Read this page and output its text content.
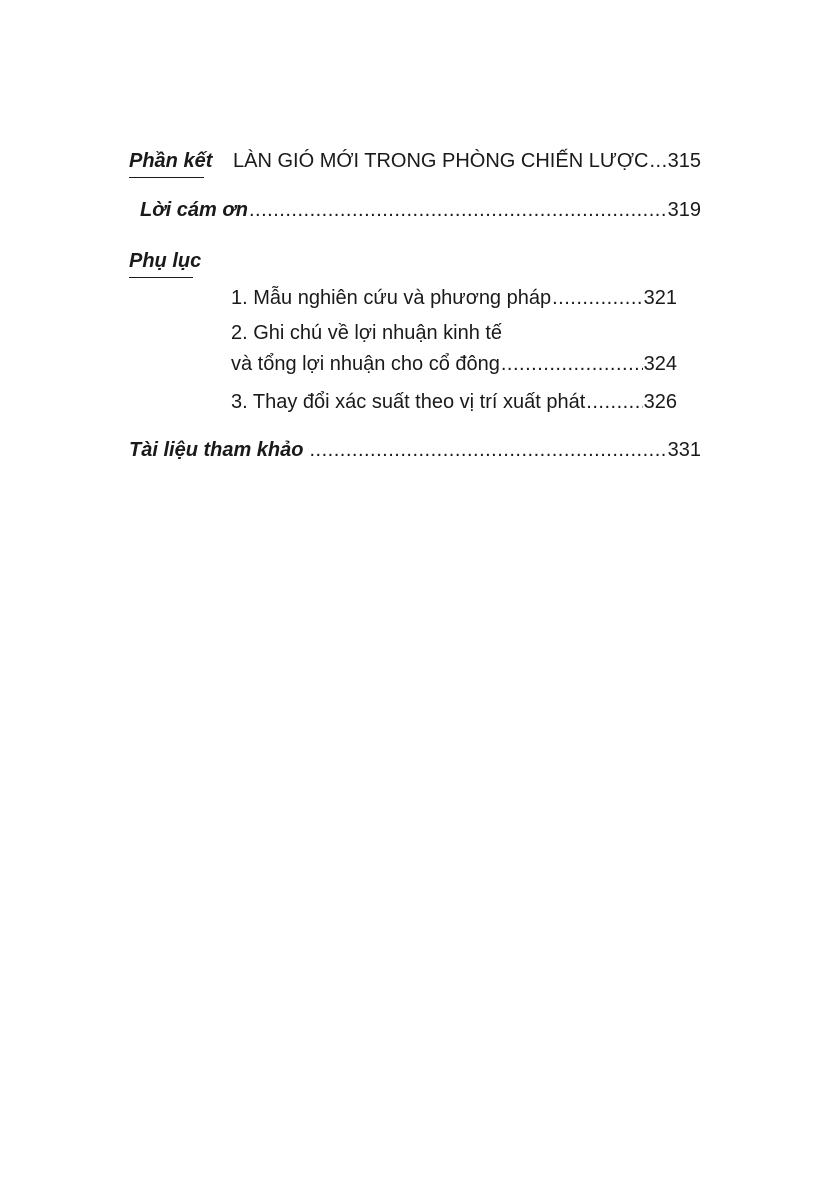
Phần kết LÀN GIÓ MỚI TRONG PHÒNG CHIẾN LƯỢC ..... 315
Lời cám ơn .....	319
Phụ lục
1. Mẫu nghiên cứu và phương pháp .....	321
2. Ghi chú về lợi nhuận kinh tế
và tổng lợi nhuận cho cổ đông .....	324
3. Thay đổi xác suất theo vị trí xuất phát .....	326
Tài liệu tham khảo .....	331
